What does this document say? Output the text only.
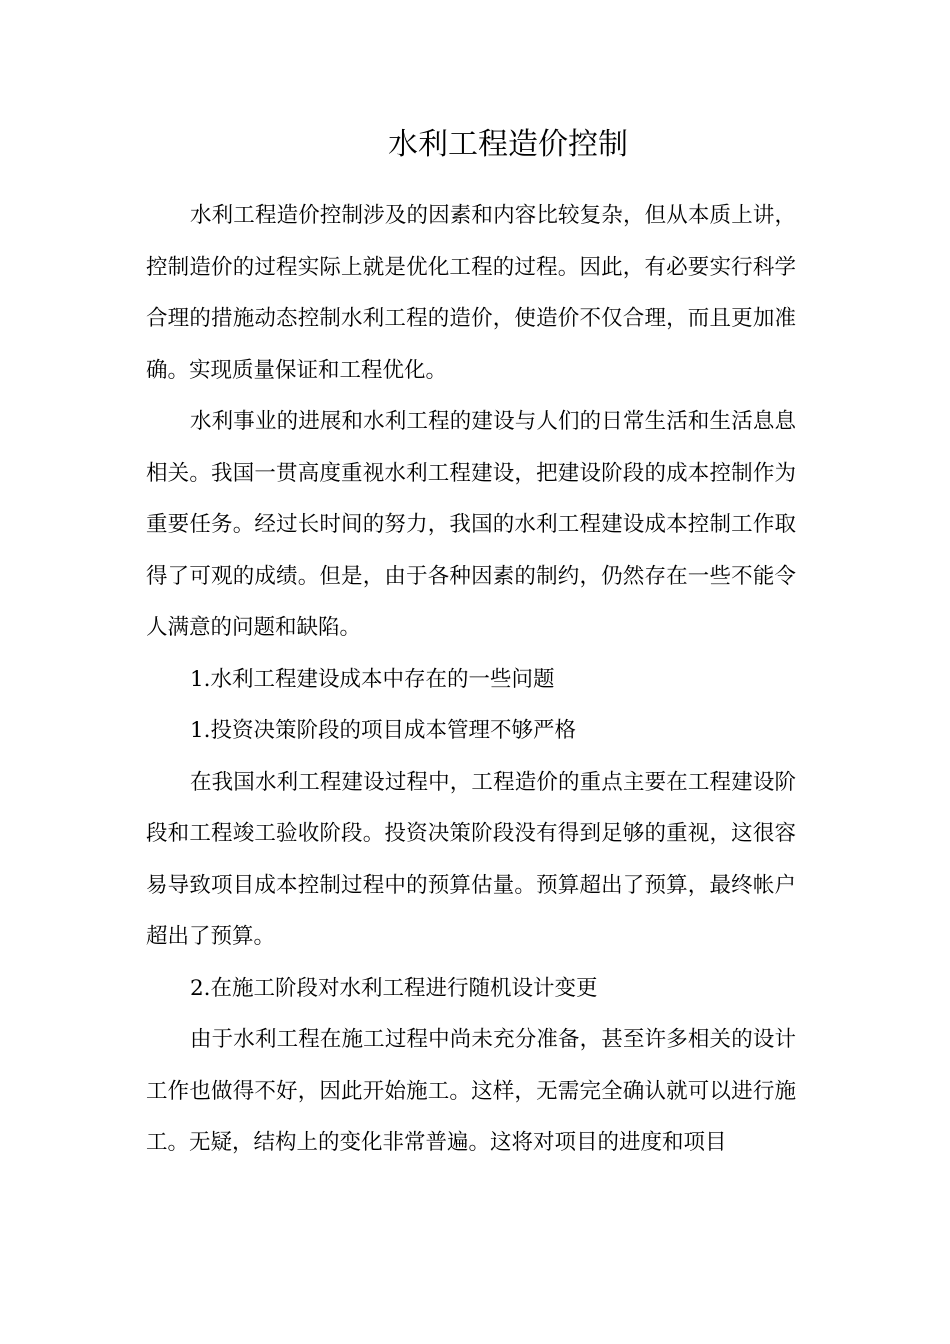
水利工程造价控制

水利工程造价控制涉及的因素和内容比较复杂，但从本质上讲，控制造价的过程实际上就是优化工程的过程。因此，有必要实行科学合理的措施动态控制水利工程的造价，使造价不仅合理，而且更加准确。实现质量保证和工程优化。

水利事业的进展和水利工程的建设与人们的日常生活和生活息息相关。我国一贯高度重视水利工程建设，把建设阶段的成本控制作为重要任务。经过长时间的努力，我国的水利工程建设成本控制工作取得了可观的成绩。但是，由于各种因素的制约，仍然存在一些不能令人满意的问题和缺陷。

1.水利工程建设成本中存在的一些问题

1.投资决策阶段的项目成本管理不够严格

在我国水利工程建设过程中，工程造价的重点主要在工程建设阶段和工程竣工验收阶段。投资决策阶段没有得到足够的重视，这很容易导致项目成本控制过程中的预算估量。预算超出了预算，最终帐户超出了预算。

2.在施工阶段对水利工程进行随机设计变更

由于水利工程在施工过程中尚未充分准备，甚至许多相关的设计工作也做得不好，因此开始施工。这样，无需完全确认就可以进行施工。无疑，结构上的变化非常普遍。这将对项目的进度和项目
